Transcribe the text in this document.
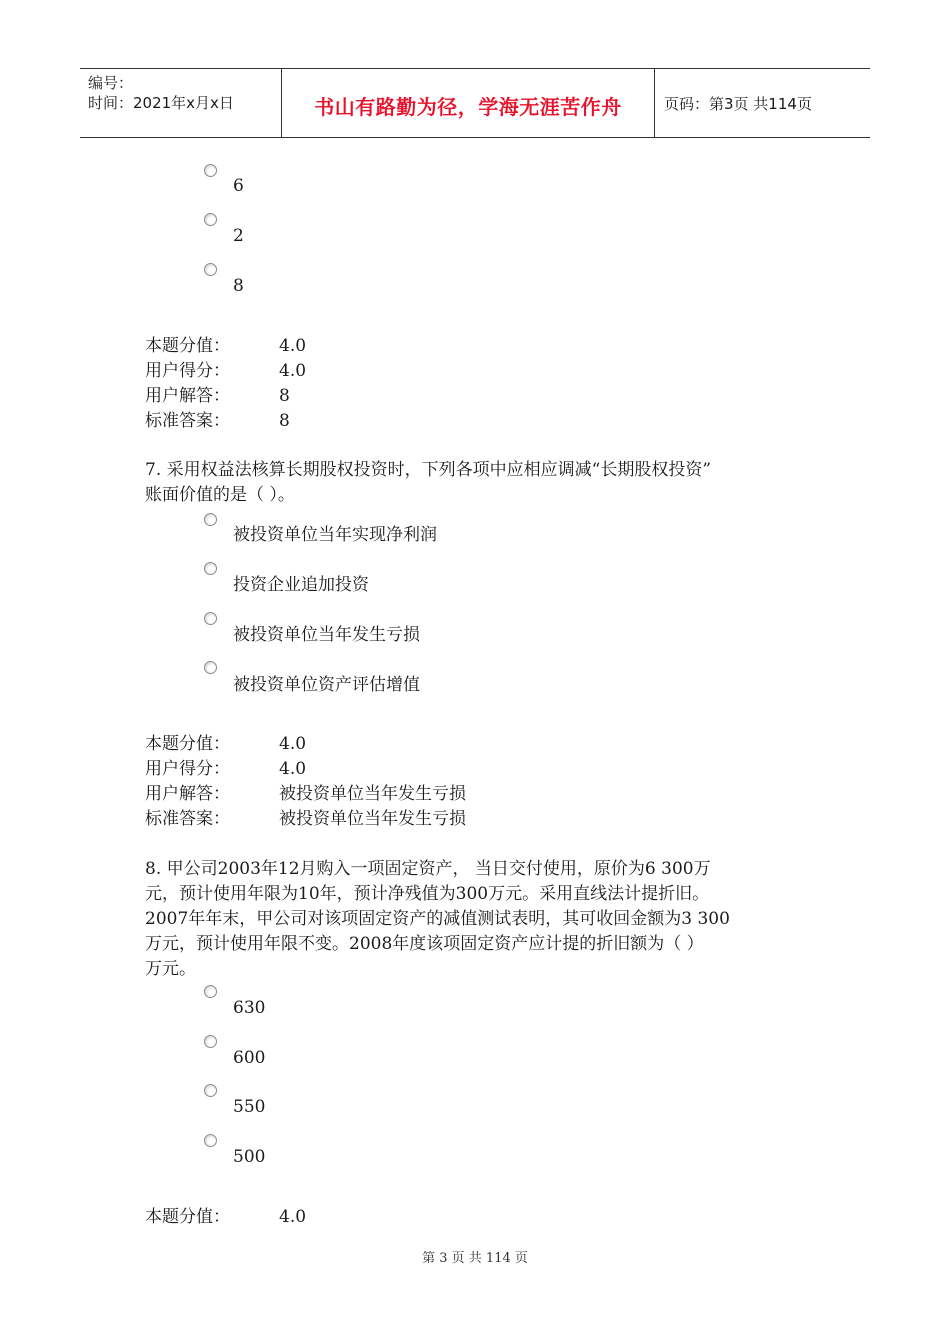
编号：
时间：2021年x月x日	书山有路勤为径，学海无涯苦作舟	页码：第3页 共114页
6
2
8
本题分值：	4.0
用户得分：	4.0
用户解答：	8
标准答案：	8
7. 采用权益法核算长期股权投资时，下列各项中应相应调减“长期股权投资”
账面价值的是（ ）。
被投资单位当年实现净利润
投资企业追加投资
被投资单位当年发生亏损
被投资单位资产评估增值
本题分值：	4.0
用户得分：	4.0
用户解答：	被投资单位当年发生亏损
标准答案：	被投资单位当年发生亏损
8. 甲公司2003年12月购入一项固定资产， 当日交付使用，原价为6 300万
元，预计使用年限为10年，预计净残值为300万元。采用直线法计提折旧。
2007年年末，甲公司对该项固定资产的减值测试表明，其可收回金额为3 300
万元，预计使用年限不变。2008年度该项固定资产应计提的折旧额为（ ）
万元。
630
600
550
500
本题分值：	4.0
第 3 页 共 114 页
